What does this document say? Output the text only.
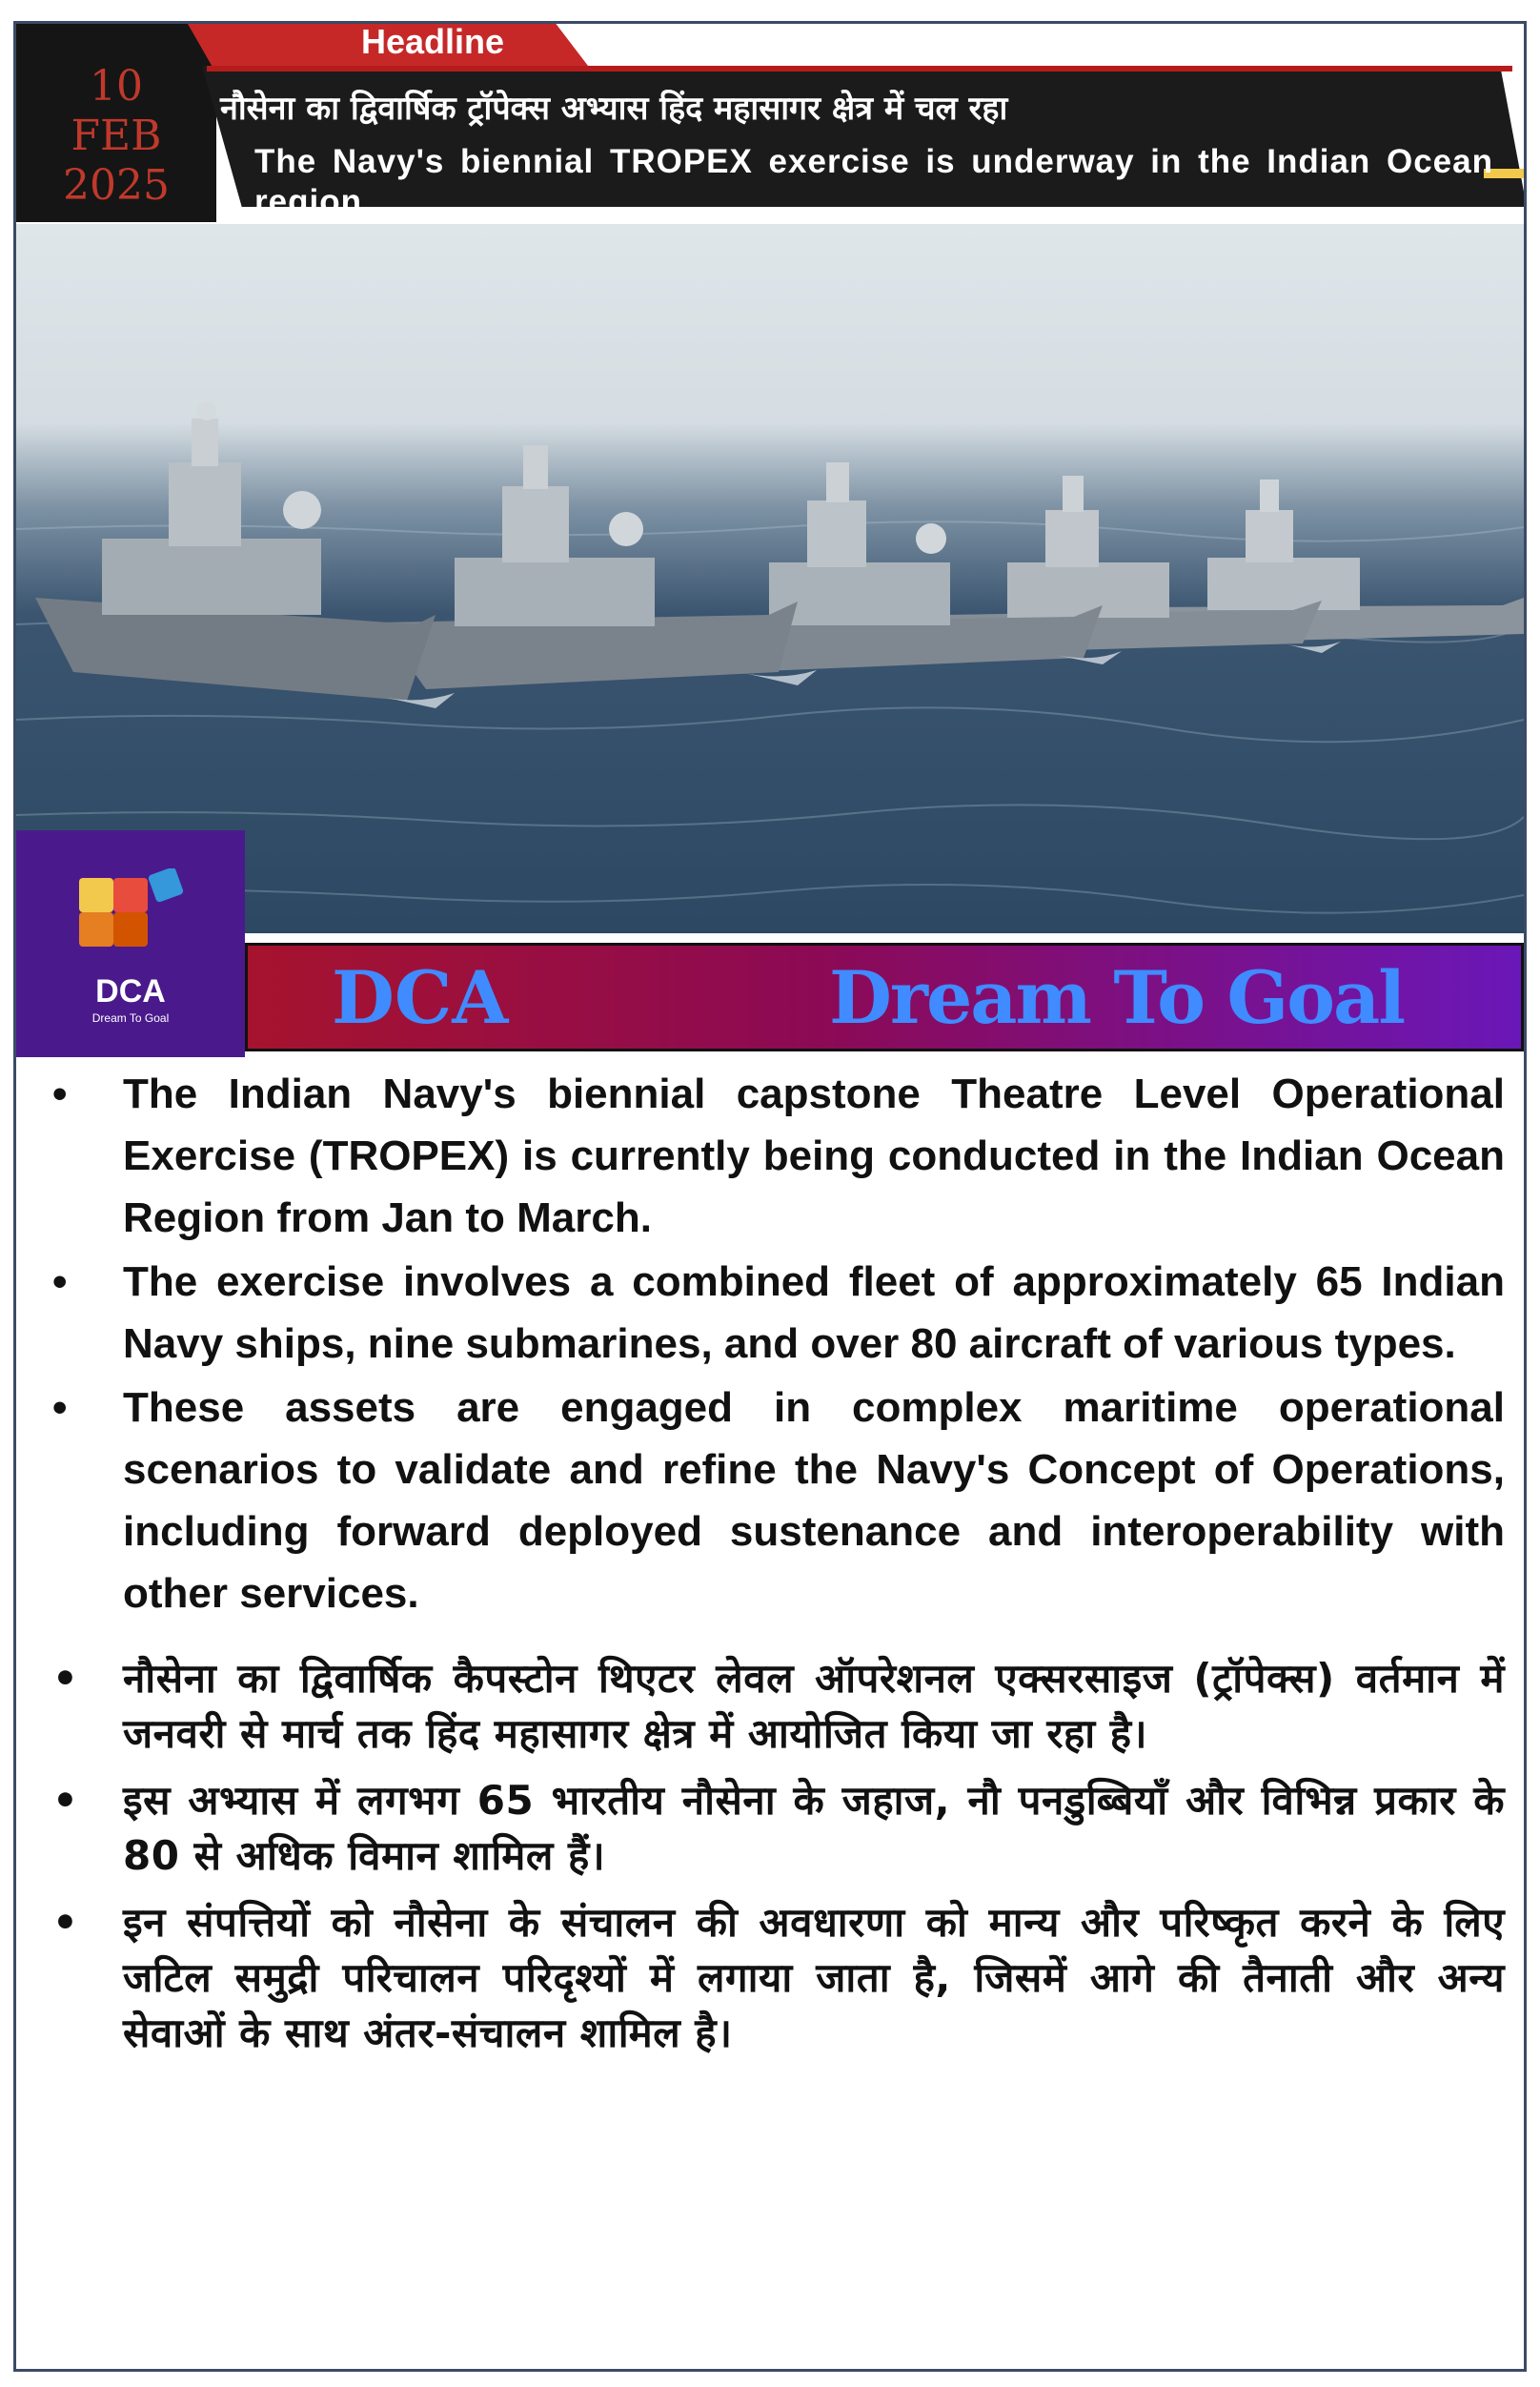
10
FEB
2025
Headline
नौसेना का द्विवार्षिक ट्रॉपेक्स अभ्यास हिंद महासागर क्षेत्र में चल रहा
The Navy's biennial TROPEX exercise is underway in the Indian Ocean region
DCA
Dream To Goal	DCA	Dream To Goal
• The Indian Navy's biennial capstone Theatre Level Operational Exercise (TROPEX) is currently being conducted in the Indian Ocean Region from Jan to March.
• The exercise involves a combined fleet of approximately 65 Indian Navy ships, nine submarines, and over 80 aircraft of various types.
• These assets are engaged in complex maritime operational scenarios to validate and refine the Navy's Concept of Operations, including forward deployed sustenance and interoperability with other services.
• नौसेना का द्विवार्षिक कैपस्टोन थिएटर लेवल ऑपरेशनल एक्सरसाइज (ट्रॉपेक्स) वर्तमान में जनवरी से मार्च तक हिंद महासागर क्षेत्र में आयोजित किया जा रहा है।
• इस अभ्यास में लगभग 65 भारतीय नौसेना के जहाज, नौ पनडुब्बियाँ और विभिन्न प्रकार के 80 से अधिक विमान शामिल हैं।
• इन संपत्तियों को नौसेना के संचालन की अवधारणा को मान्य और परिष्कृत करने के लिए जटिल समुद्री परिचालन परिदृश्यों में लगाया जाता है, जिसमें आगे की तैनाती और अन्य सेवाओं के साथ अंतर-संचालन शामिल है।
